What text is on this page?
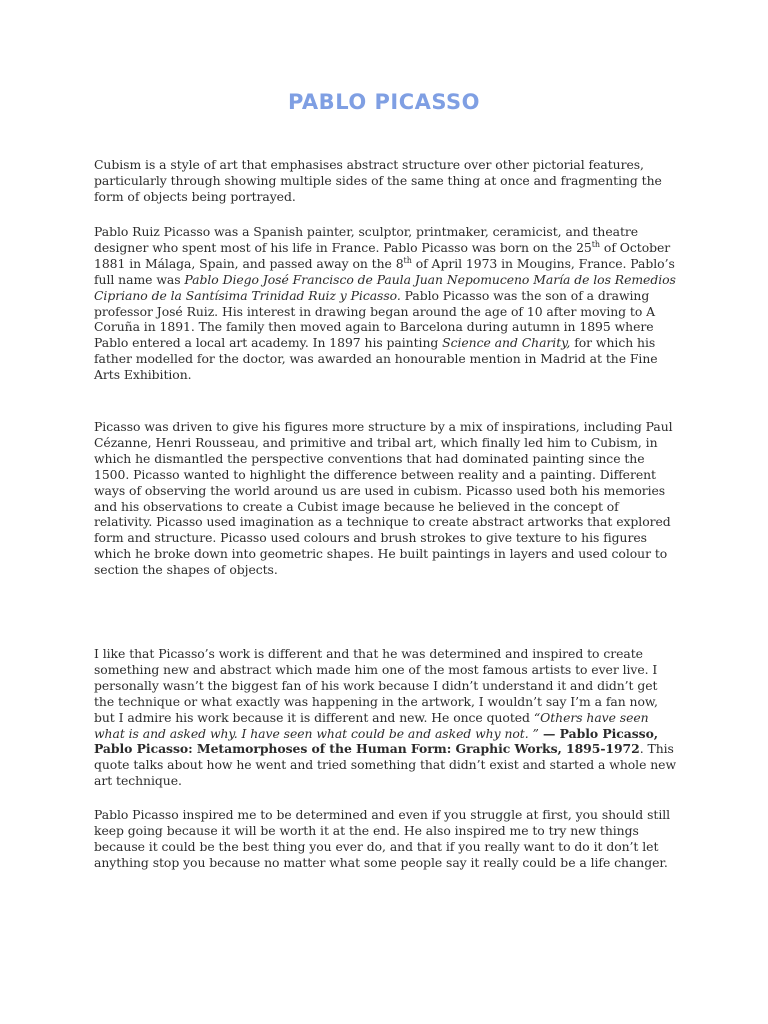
PABLO PICASSO

Cubism is a style of art that emphasises abstract structure over other pictorial features, particularly through showing multiple sides of the same thing at once and fragmenting the form of objects being portrayed.

Pablo Ruiz Picasso was a Spanish painter, sculptor, printmaker, ceramicist, and theatre designer who spent most of his life in France. Pablo Picasso was born on the 25th of October 1881 in Málaga, Spain, and passed away on the 8th of April 1973 in Mougins, France. Pablo’s full name was Pablo Diego José Francisco de Paula Juan Nepomuceno María de los Remedios Cipriano de la Santísima Trinidad Ruiz y Picasso. Pablo Picasso was the son of a drawing professor José Ruiz. His interest in drawing began around the age of 10 after moving to A Coruña in 1891. The family then moved again to Barcelona during autumn in 1895 where Pablo entered a local art academy. In 1897 his painting Science and Charity, for which his father modelled for the doctor, was awarded an honourable mention in Madrid at the Fine Arts Exhibition.

Picasso was driven to give his figures more structure by a mix of inspirations, including Paul Cézanne, Henri Rousseau, and primitive and tribal art, which finally led him to Cubism, in which he dismantled the perspective conventions that had dominated painting since the 1500. Picasso wanted to highlight the difference between reality and a painting. Different ways of observing the world around us are used in cubism. Picasso used both his memories and his observations to create a Cubist image because he believed in the concept of relativity. Picasso used imagination as a technique to create abstract artworks that explored form and structure. Picasso used colours and brush strokes to give texture to his figures which he broke down into geometric shapes. He built paintings in layers and used colour to section the shapes of objects.

I like that Picasso’s work is different and that he was determined and inspired to create something new and abstract which made him one of the most famous artists to ever live. I personally wasn’t the biggest fan of his work because I didn’t understand it and didn’t get the technique or what exactly was happening in the artwork, I wouldn’t say I’m a fan now, but I admire his work because it is different and new. He once quoted “Others have seen what is and asked why. I have seen what could be and asked why not. ” — Pablo Picasso, Pablo Picasso: Metamorphoses of the Human Form: Graphic Works, 1895-1972. This quote talks about how he went and tried something that didn’t exist and started a whole new art technique.

Pablo Picasso inspired me to be determined and even if you struggle at first, you should still keep going because it will be worth it at the end. He also inspired me to try new things because it could be the best thing you ever do, and that if you really want to do it don’t let anything stop you because no matter what some people say it really could be a life changer.
